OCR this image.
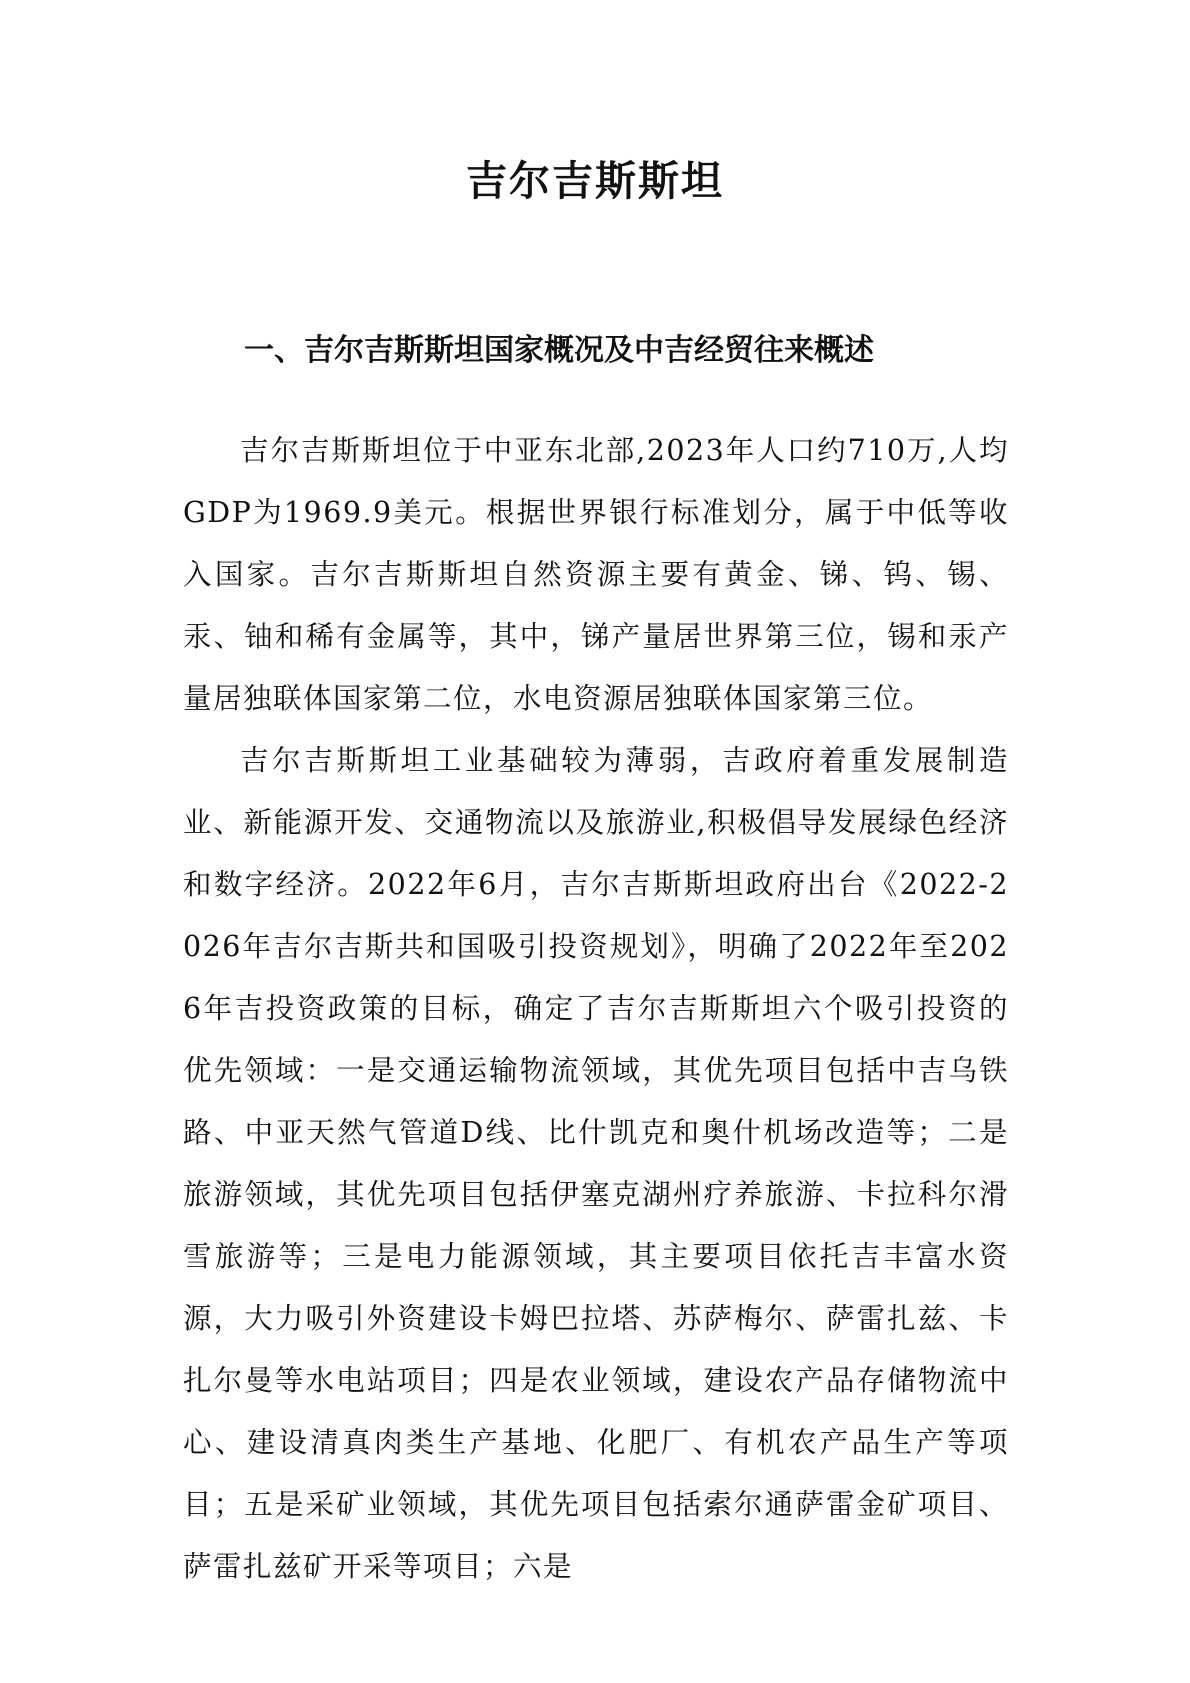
吉尔吉斯斯坦
一、吉尔吉斯斯坦国家概况及中吉经贸往来概述

吉尔吉斯斯坦位于中亚东北部,2023年人口约710万,人均GDP为1969.9美元。根据世界银行标准划分，属于中低等收入国家。吉尔吉斯斯坦自然资源主要有黄金、锑、钨、锡、汞、铀和稀有金属等，其中，锑产量居世界第三位，锡和汞产量居独联体国家第二位，水电资源居独联体国家第三位。

吉尔吉斯斯坦工业基础较为薄弱，吉政府着重发展制造业、新能源开发、交通物流以及旅游业,积极倡导发展绿色经济和数字经济。2022年6月，吉尔吉斯斯坦政府出台《2022-2026年吉尔吉斯共和国吸引投资规划》，明确了2022年至2026年吉投资政策的目标，确定了吉尔吉斯斯坦六个吸引投资的优先领域：一是交通运输物流领域，其优先项目包括中吉乌铁路、中亚天然气管道D线、比什凯克和奥什机场改造等；二是旅游领域，其优先项目包括伊塞克湖州疗养旅游、卡拉科尔滑雪旅游等；三是电力能源领域，其主要项目依托吉丰富水资源，大力吸引外资建设卡姆巴拉塔、苏萨梅尔、萨雷扎兹、卡扎尔曼等水电站项目；四是农业领域，建设农产品存储物流中心、建设清真肉类生产基地、化肥厂、有机农产品生产等项目；五是采矿业领域，其优先项目包括索尔通萨雷金矿项目、萨雷扎兹矿开采等项目；六是
